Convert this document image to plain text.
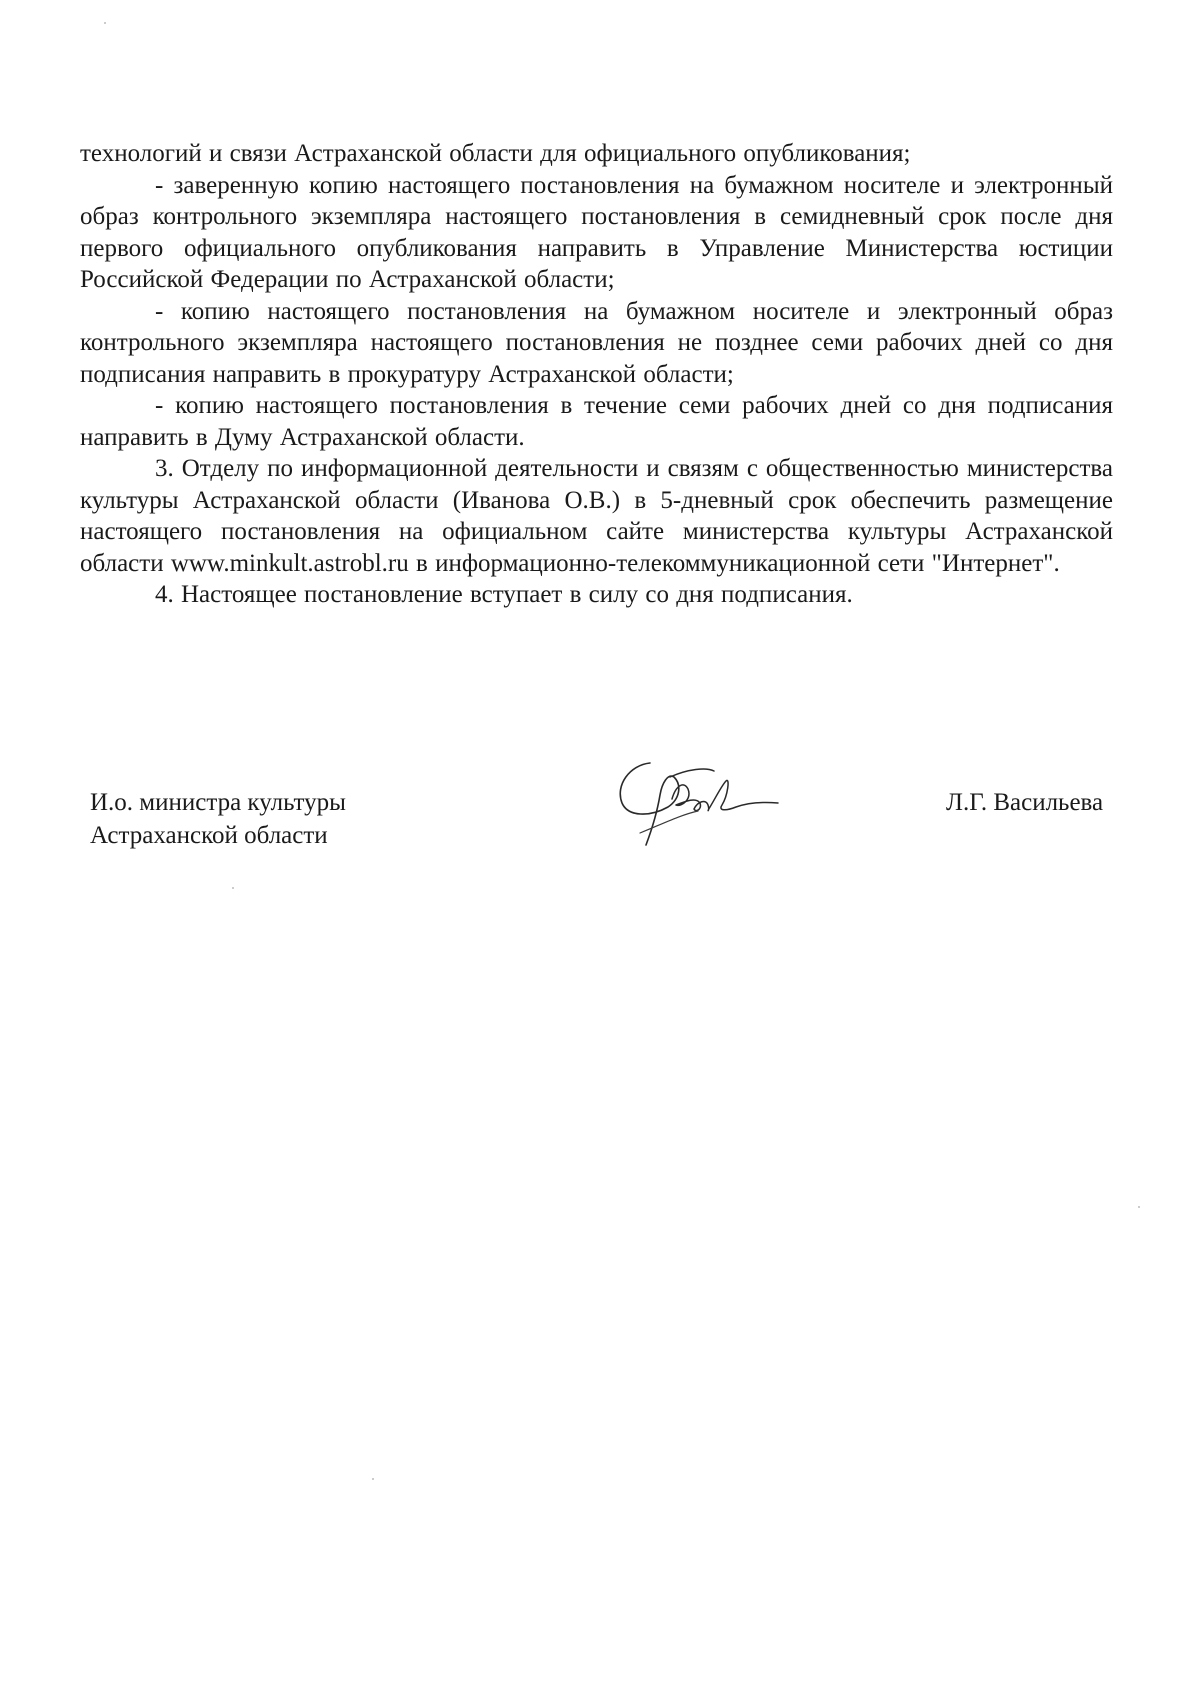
технологий и связи Астраханской области для официального опубликования;

- заверенную копию настоящего постановления на бумажном носителе и электронный образ контрольного экземпляра настоящего постановления в семидневный срок после дня первого официального опубликования направить в Управление Министерства юстиции Российской Федерации по Астраханской области;

- копию настоящего постановления на бумажном носителе и электронный образ контрольного экземпляра настоящего постановления не позднее семи рабочих дней со дня подписания направить в прокуратуру Астраханской области;

- копию настоящего постановления в течение семи рабочих дней со дня подписания направить в Думу Астраханской области.

3. Отделу по информационной деятельности и связям с общественностью министерства культуры Астраханской области (Иванова О.В.) в 5-дневный срок обеспечить размещение настоящего постановления на официальном сайте министерства культуры Астраханской области www.minkult.astrobl.ru в информационно-телекоммуникационной сети "Интернет".

4. Настоящее постановление вступает в силу со дня подписания.

И.о. министра культуры
Астраханской области
Л.Г. Васильева
